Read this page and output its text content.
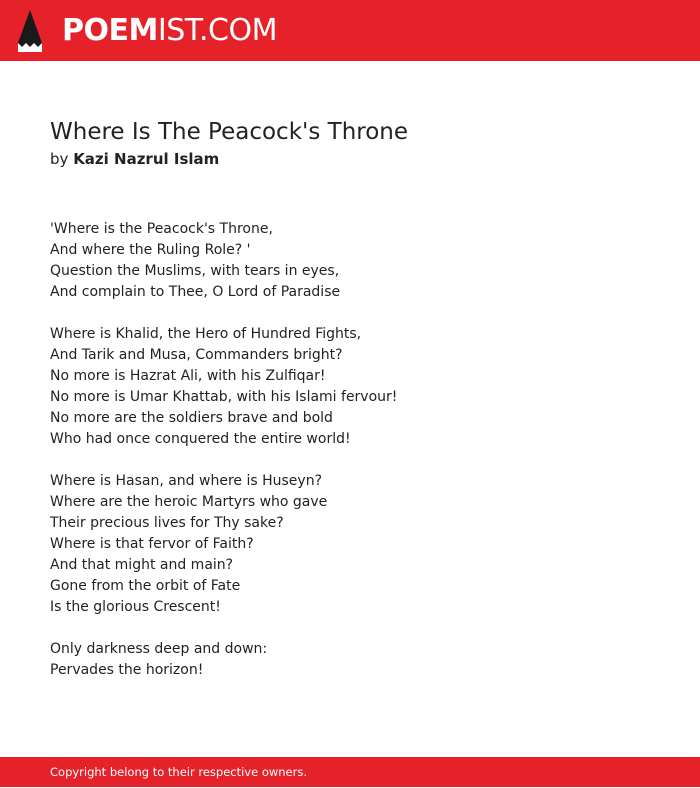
POEMIST.COM
Where Is The Peacock's Throne
by Kazi Nazrul Islam
'Where is the Peacock's Throne,
And where the Ruling Role? '
Question the Muslims, with tears in eyes,
And complain to Thee, O Lord of Paradise
Where is Khalid, the Hero of Hundred Fights,
And Tarik and Musa, Commanders bright?
No more is Hazrat Ali, with his Zulfiqar!
No more is Umar Khattab, with his Islami fervour!
No more are the soldiers brave and bold
Who had once conquered the entire world!
Where is Hasan, and where is Huseyn?
Where are the heroic Martyrs who gave
Their precious lives for Thy sake?
Where is that fervor of Faith?
And that might and main?
Gone from the orbit of Fate
Is the glorious Crescent!
Only darkness deep and down:
Pervades the horizon!
Copyright belong to their respective owners.
